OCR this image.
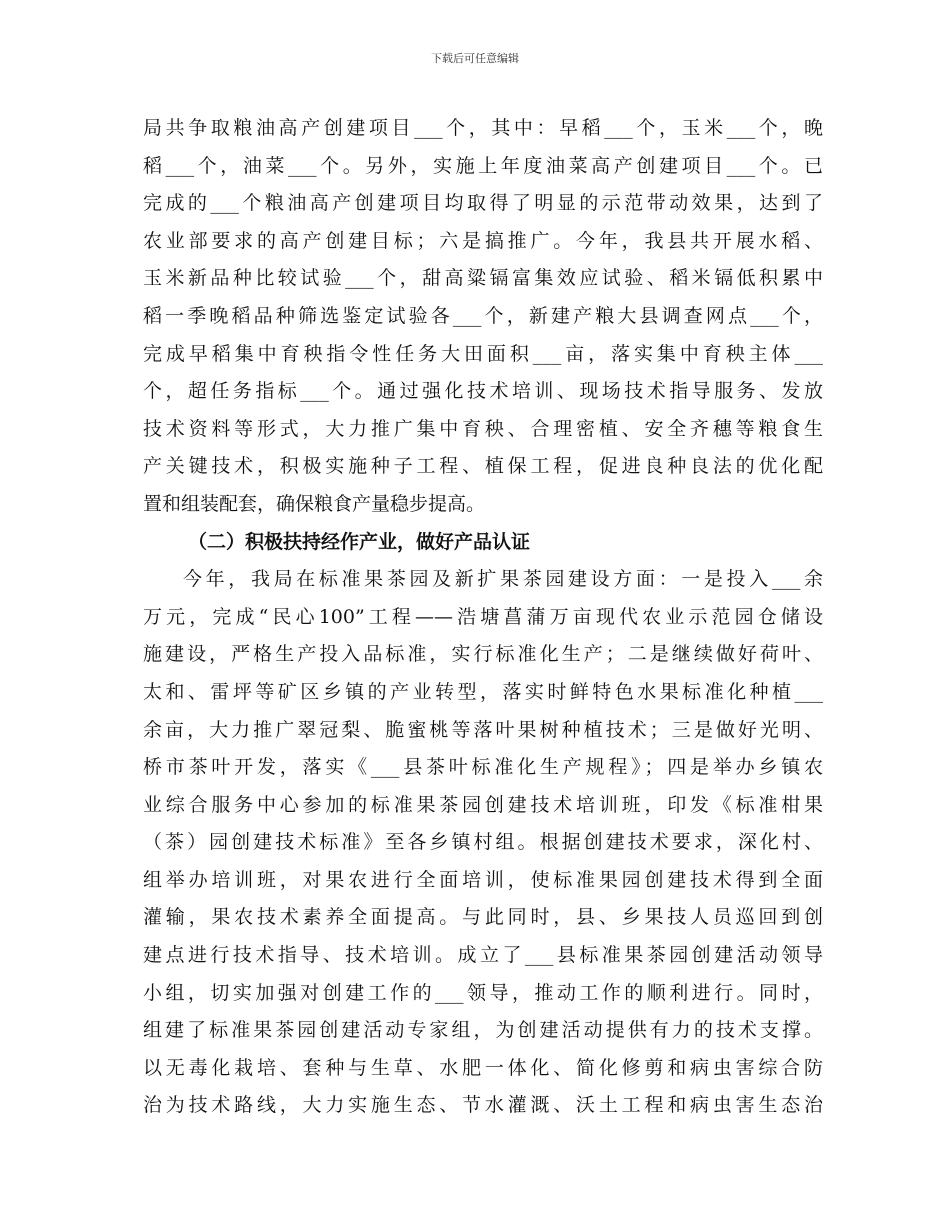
下载后可任意编辑
局共争取粮油高产创建项目___个，其中：早稻___个，玉米___个，晚
稻___个，油菜___个。另外，实施上年度油菜高产创建项目___个。已
完成的___个粮油高产创建项目均取得了明显的示范带动效果，达到了
农业部要求的高产创建目标；六是搞推广。今年，我县共开展水稻、
玉米新品种比较试验___个，甜高粱镉富集效应试验、稻米镉低积累中
稻一季晚稻品种筛选鉴定试验各___个，新建产粮大县调查网点___个，
完成早稻集中育秧指令性任务大田面积___亩，落实集中育秧主体___
个，超任务指标___个。通过强化技术培训、现场技术指导服务、发放
技术资料等形式，大力推广集中育秧、合理密植、安全齐穗等粮食生
产关键技术，积极实施种子工程、植保工程，促进良种良法的优化配
置和组装配套，确保粮食产量稳步提高。
（二）积极扶持经作产业，做好产品认证
今年，我局在标准果茶园及新扩果茶园建设方面：一是投入___余
万元，完成“民心100”工程——浩塘菖蒲万亩现代农业示范园仓储设
施建设，严格生产投入品标准，实行标准化生产；二是继续做好荷叶、
太和、雷坪等矿区乡镇的产业转型，落实时鲜特色水果标准化种植___
余亩，大力推广翠冠梨、脆蜜桃等落叶果树种植技术；三是做好光明、
桥市茶叶开发，落实《___县茶叶标准化生产规程》；四是举办乡镇农
业综合服务中心参加的标准果茶园创建技术培训班，印发《标准柑果
（茶）园创建技术标准》至各乡镇村组。根据创建技术要求，深化村、
组举办培训班，对果农进行全面培训，使标准果园创建技术得到全面
灌输，果农技术素养全面提高。与此同时，县、乡果技人员巡回到创
建点进行技术指导、技术培训。成立了___县标准果茶园创建活动领导
小组，切实加强对创建工作的___领导，推动工作的顺利进行。同时，
组建了标准果茶园创建活动专家组，为创建活动提供有力的技术支撑。
以无毒化栽培、套种与生草、水肥一体化、简化修剪和病虫害综合防
治为技术路线，大力实施生态、节水灌溉、沃土工程和病虫害生态治
